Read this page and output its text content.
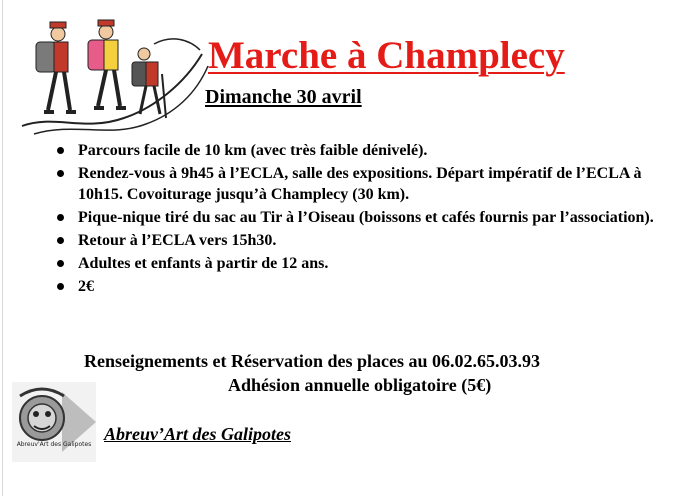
Marche à Champlecy
Dimanche 30 avril
Parcours facile de 10 km (avec très faible dénivelé).
Rendez-vous à 9h45 à l’ECLA, salle des expositions. Départ impératif de l’ECLA à 10h15. Covoiturage jusqu’à Champlecy (30 km).
Pique-nique tiré du sac au Tir à l’Oiseau (boissons et cafés fournis par l’association).
Retour à l’ECLA vers 15h30.
Adultes et enfants à partir de 12 ans.
2€
Renseignements et Réservation des places au 06.02.65.03.93
Adhésion annuelle obligatoire (5€)
Abreuv'Art des Galipotes
Abreuv’Art des Galipotes
